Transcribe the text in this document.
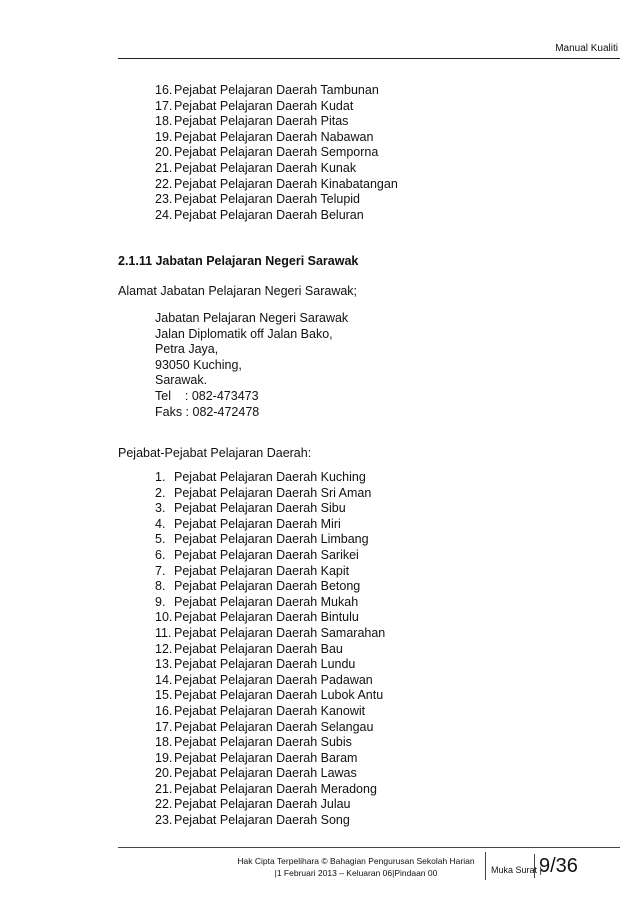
Manual Kualiti
16. Pejabat Pelajaran Daerah Tambunan
17. Pejabat Pelajaran Daerah Kudat
18. Pejabat Pelajaran Daerah Pitas
19. Pejabat Pelajaran Daerah Nabawan
20. Pejabat Pelajaran Daerah Semporna
21. Pejabat Pelajaran Daerah Kunak
22. Pejabat Pelajaran Daerah Kinabatangan
23. Pejabat Pelajaran Daerah Telupid
24. Pejabat Pelajaran Daerah Beluran
2.1.11 Jabatan Pelajaran Negeri Sarawak
Alamat Jabatan Pelajaran Negeri Sarawak;
Jabatan Pelajaran Negeri Sarawak
Jalan Diplomatik off Jalan Bako,
Petra Jaya,
93050 Kuching,
Sarawak.
Tel    : 082-473473
Faks : 082-472478
Pejabat-Pejabat Pelajaran Daerah:
1. Pejabat Pelajaran Daerah Kuching
2. Pejabat Pelajaran Daerah Sri Aman
3. Pejabat Pelajaran Daerah Sibu
4. Pejabat Pelajaran Daerah Miri
5. Pejabat Pelajaran Daerah Limbang
6. Pejabat Pelajaran Daerah Sarikei
7. Pejabat Pelajaran Daerah Kapit
8. Pejabat Pelajaran Daerah Betong
9. Pejabat Pelajaran Daerah Mukah
10. Pejabat Pelajaran Daerah Bintulu
11. Pejabat Pelajaran Daerah Samarahan
12. Pejabat Pelajaran Daerah Bau
13. Pejabat Pelajaran Daerah Lundu
14. Pejabat Pelajaran Daerah Padawan
15. Pejabat Pelajaran Daerah Lubok Antu
16. Pejabat Pelajaran Daerah Kanowit
17. Pejabat Pelajaran Daerah Selangau
18. Pejabat Pelajaran Daerah Subis
19. Pejabat Pelajaran Daerah Baram
20. Pejabat Pelajaran Daerah Lawas
21. Pejabat Pelajaran Daerah Meradong
22. Pejabat Pelajaran Daerah Julau
23. Pejabat Pelajaran Daerah Song
Hak Cipta Terpelihara © Bahagian Pengurusan Sekolah Harian
|1 Februari 2013 – Keluaran 06|Pindaan 00	Muka Surat |
9/36
